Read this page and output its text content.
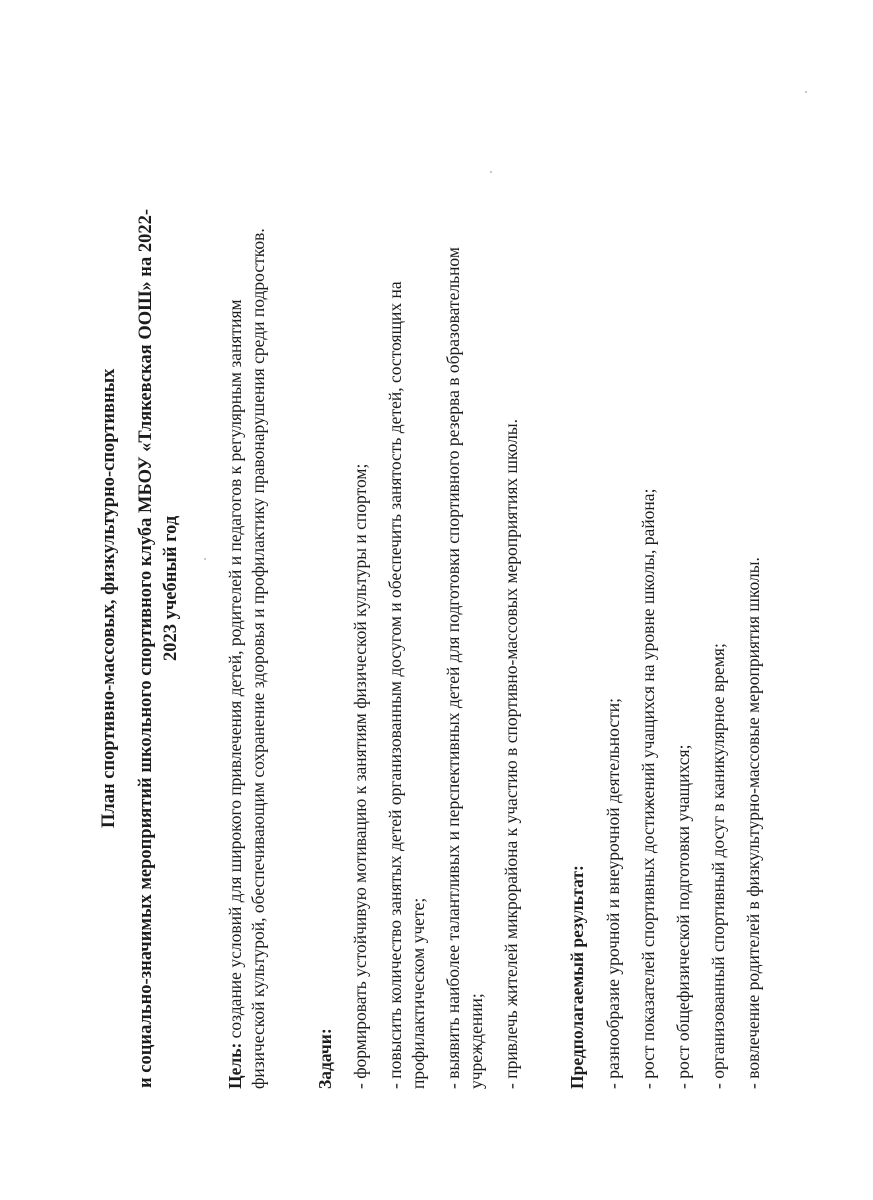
План спортивно-массовых, физкультурно-спортивных и социально-значимых мероприятий школьного спортивного клуба МБОУ «Тлякевская ООШ» на 2022- 2023 учебный год
Цель: создание условий для широкого привлечения детей, родителей и педагогов к регулярным занятиям физической культурой, обеспечивающим сохранение здоровья и профилактику правонарушения среди подростков.	Задачи: - формировать устойчивую мотивацию к занятиям физической культуры и спортом; - повысить количество занятых детей организованным досугом и обеспечить занятость детей, состоящих на профилактическом учете; - выявить наиболее талантливых и перспективных детей для подготовки спортивного резерва в образовательном учреждении; - привлечь жителей микрорайона к участию в спортивно-массовых мероприятиях школы.	Предполагаемый результат: - разнообразие урочной и внеурочной деятельности; - рост показателей спортивных достижений учащихся на уровне школы, района; - рост общефизической подготовки учащихся; - организованный спортивный досуг в каникулярное время; - вовлечение родителей в физкультурно-массовые мероприятия школы.
